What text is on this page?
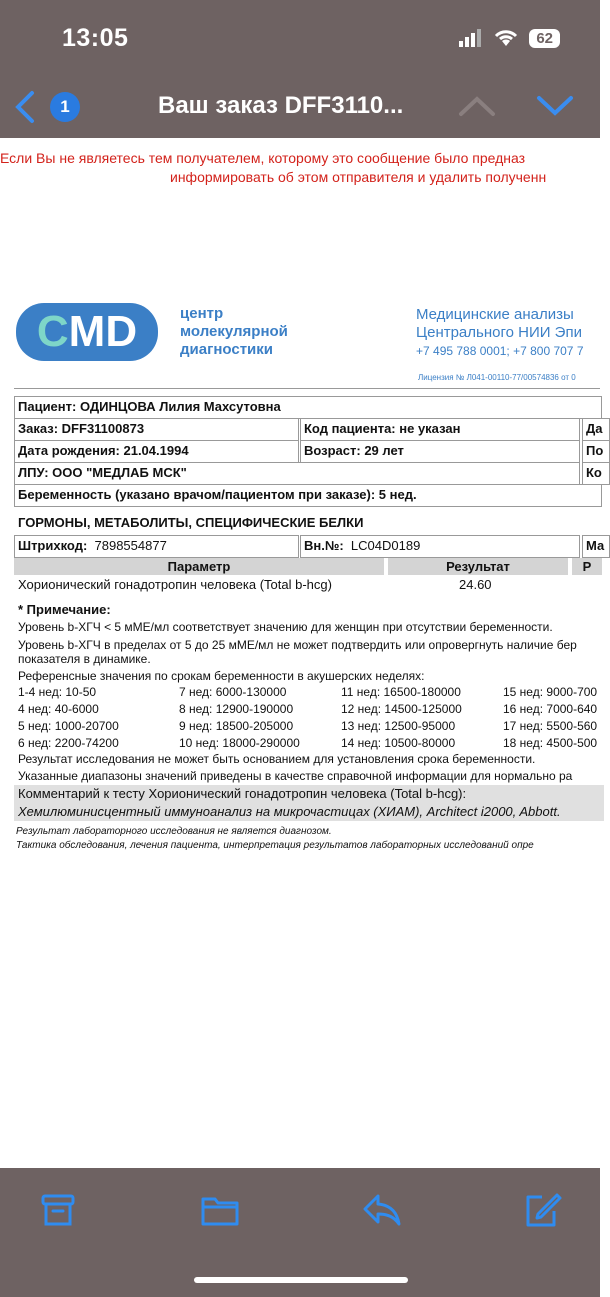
13:05	62
1	Ваш заказ DFF3110...
Если Вы не являетесь тем получателем, которому это сообщение было предназ
информировать об этом отправителя и удалить полученн
CMD	центр
молекулярной
диагностики
Медицинские анализы
Центрального НИИ Эпи
+7 495 788 0001; +7 800 707 7
Лицензия № Л041-00110-77/00574836 от 0
Пациент: ОДИНЦОВА Лилия Махсутовна
Заказ: DFF31100873	Код пациента: не указан	Да
Дата рождения: 21.04.1994	Возраст: 29 лет	По
ЛПУ: ООО "МЕДЛАБ МСК"	Ко
Беременность (указано врачом/пациентом при заказе): 5 нед.
ГОРМОНЫ, МЕТАБОЛИТЫ, СПЕЦИФИЧЕСКИЕ БЕЛКИ
Штрихкод: 7898554877	Вн.№: LC04D0189	Ма
Параметр	Результат	Р
Хорионический гонадотропин человека (Total b-hcg)	24.60
* Примечание:
Уровень b-ХГЧ < 5 мМЕ/мл соответствует значению для женщин при отсутствии беременности.
Уровень b-ХГЧ в пределах от 5 до 25 мМЕ/мл не может подтвердить или опровергнуть наличие бер
показателя в динамике.
Референсные значения по срокам беременности в акушерских неделях:
1-4 нед: 10-50	7 нед: 6000-130000	11 нед: 16500-180000	15 нед: 9000-700
4 нед: 40-6000	8 нед: 12900-190000	12 нед: 14500-125000	16 нед: 7000-640
5 нед: 1000-20700	9 нед: 18500-205000	13 нед: 12500-95000	17 нед: 5500-560
6 нед: 2200-74200	10 нед: 18000-290000	14 нед: 10500-80000	18 нед: 4500-500
Результат исследования не может быть основанием для установления срока беременности.
Указанные диапазоны значений приведены в качестве справочной информации для нормально ра
Комментарий к тесту Хорионический гонадотропин человека (Total b-hcg):
Хемилюминисцентный иммуноанализ на микрочастицах (ХИАМ), Architect i2000, Abbott.
Результат лабораторного исследования не является диагнозом.
Тактика обследования, лечения пациента, интерпретация результатов лабораторных исследований опре
